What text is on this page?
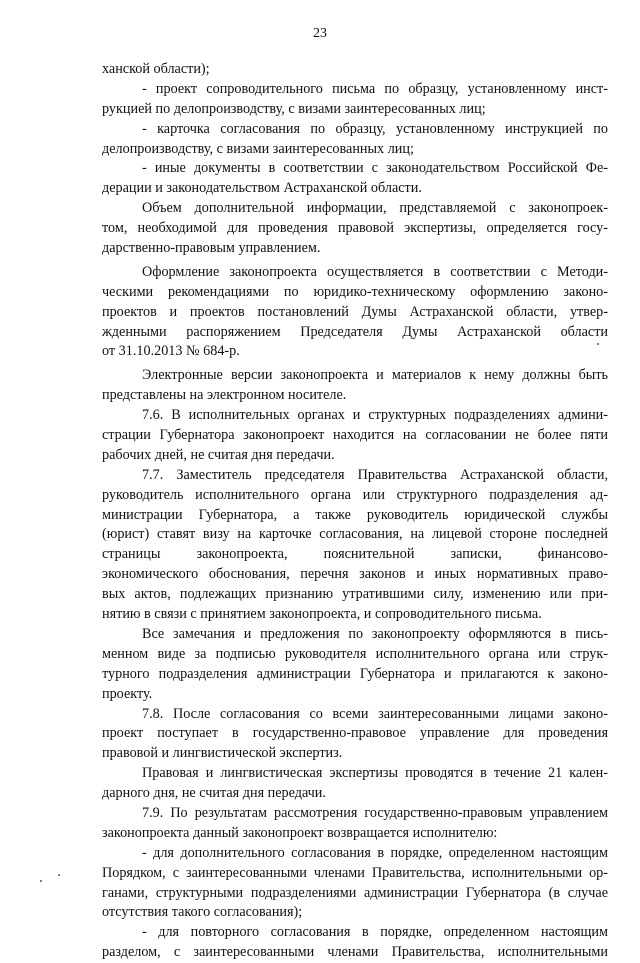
23
ханской области);
- проект сопроводительного письма по образцу, установленному инст-
рукцией по делопроизводству, с визами заинтересованных лиц;
- карточка согласования по образцу, установленному инструкцией по
делопроизводству, с визами заинтересованных лиц;
- иные документы в соответствии с законодательством Российской Фе-
дерации и законодательством Астраханской области.
Объем дополнительной информации, представляемой с законопроек-
том, необходимой для проведения правовой экспертизы, определяется госу-
дарственно-правовым управлением.
Оформление законопроекта осуществляется в соответствии с Методи-
ческими рекомендациями по юридико-техническому оформлению законо-
проектов и проектов постановлений Думы Астраханской области, утвер-
жденными распоряжением Председателя Думы Астраханской области
от 31.10.2013 № 684-р.
Электронные версии законопроекта и материалов к нему должны быть
представлены на электронном носителе.
7.6. В исполнительных органах и структурных подразделениях админи-
страции Губернатора законопроект находится на согласовании не более пяти
рабочих дней, не считая дня передачи.
7.7. Заместитель председателя Правительства Астраханской области,
руководитель исполнительного органа или структурного подразделения ад-
министрации Губернатора, а также руководитель юридической службы
(юрист) ставят визу на карточке согласования, на лицевой стороне последней
страницы законопроекта, пояснительной записки, финансово-
экономического обоснования, перечня законов и иных нормативных право-
вых актов, подлежащих признанию утратившими силу, изменению или при-
нятию в связи с принятием законопроекта, и сопроводительного письма.
Все замечания и предложения по законопроекту оформляются в пись-
менном виде за подписью руководителя исполнительного органа или струк-
турного подразделения администрации Губернатора и прилагаются к законо-
проекту.
7.8. После согласования со всеми заинтересованными лицами законо-
проект поступает в государственно-правовое управление для проведения
правовой и лингвистической экспертиз.
Правовая и лингвистическая экспертизы проводятся в течение 21 кален-
дарного дня, не считая дня передачи.
7.9. По результатам рассмотрения государственно-правовым управлением
законопроекта данный законопроект возвращается исполнителю:
- для дополнительного согласования в порядке, определенном настоящим
Порядком, с заинтересованными членами Правительства, исполнительными ор-
ганами, структурными подразделениями администрации Губернатора (в случае
отсутствия такого согласования);
- для повторного согласования в порядке, определенном настоящим
разделом, с заинтересованными членами Правительства, исполнительными
